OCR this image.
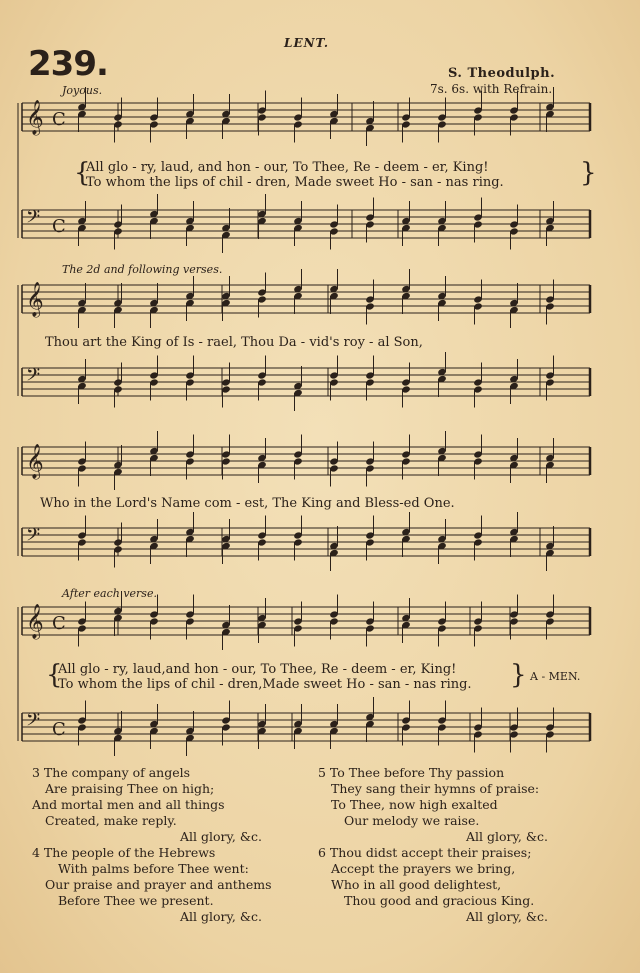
239.
LENT.
S. Theodulph.
7s. 6s. with Refrain.
Joyous.
The 2d and following verses.
After each verse.
𝄞 C
𝄢 C
𝄞
𝄢
𝄞
𝄢
𝄞 C
𝄢 C
{
All glo - ry, laud, and hon - our, To Thee, Re - deem - er, King!
To whom the lips of chil - dren, Made sweet Ho - san - nas ring.	}
Thou art the King of Is - rael, Thou Da - vid's roy - al Son,
Who in the Lord's Name com - est, The King and Bless-ed One.
{
All glo - ry, laud,and hon - our, To Thee, Re - deem - er, King!
To whom the lips of chil - dren,Made sweet Ho - san - nas ring. } A - MEN.
3 The company of angels
Are praising Thee on high;
And mortal men and all things
Created, make reply.
All glory, &c.
5 To Thee before Thy passion
They sang their hymns of praise:
To Thee, now high exalted
Our melody we raise.
All glory, &c.
4 The people of the Hebrews
With palms before Thee went:
Our praise and prayer and anthems
Before Thee we present.
All glory, &c.
6 Thou didst accept their praises;
Accept the prayers we bring,
Who in all good delightest,
Thou good and gracious King.
All glory, &c.
